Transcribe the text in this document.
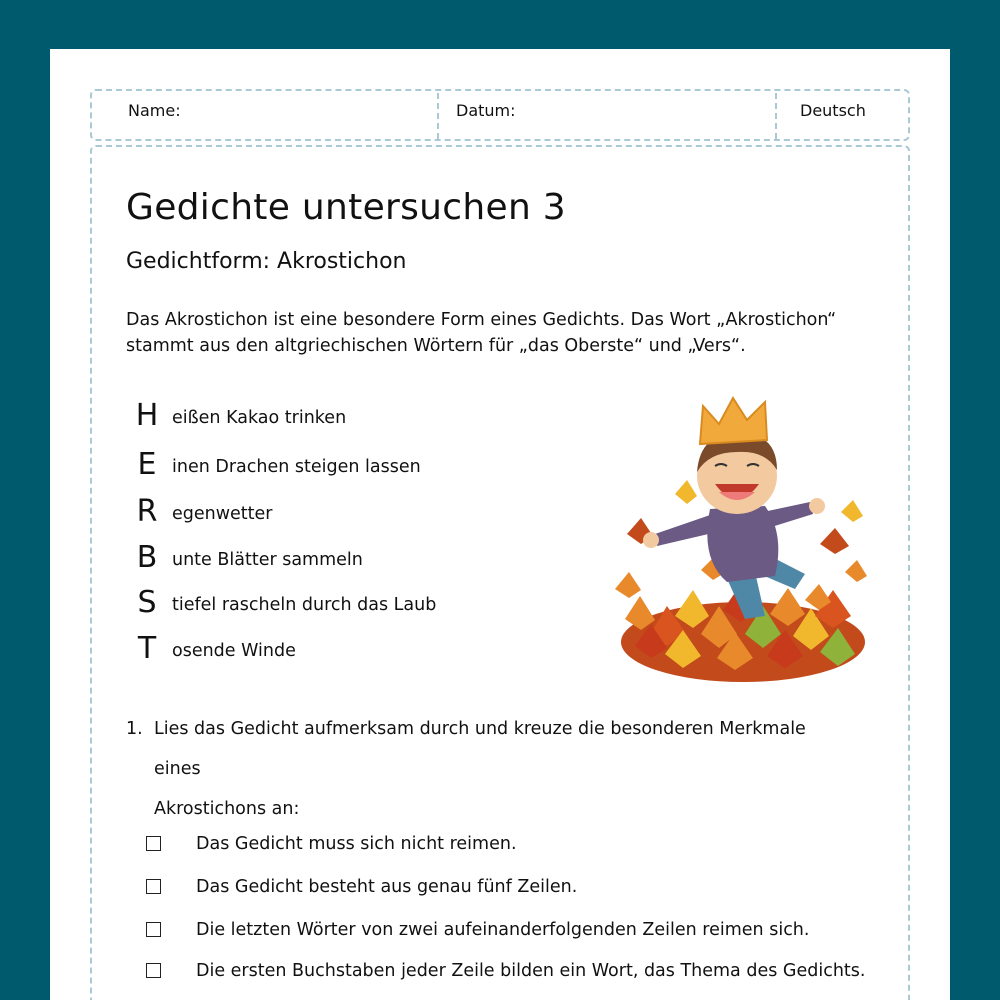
Name:	Datum:	Deutsch
Gedichte untersuchen 3
Gedichtform: Akrostichon
Das Akrostichon ist eine besondere Form eines Gedichts. Das Wort „Akrostichon“
stammt aus den altgriechischen Wörtern für „das Oberste“ und „Vers“.
H eißen Kakao trinken
E inen Drachen steigen lassen
R egenwetter
B unte Blätter sammeln
S tiefel rascheln durch das Laub
T osende Winde
1. Lies das Gedicht aufmerksam durch und kreuze die besonderen Merkmale eines
Akrostichons an:
Das Gedicht muss sich nicht reimen.
Das Gedicht besteht aus genau fünf Zeilen.
Die letzten Wörter von zwei aufeinanderfolgenden Zeilen reimen sich.
Die ersten Buchstaben jeder Zeile bilden ein Wort, das Thema des Gedichts.
